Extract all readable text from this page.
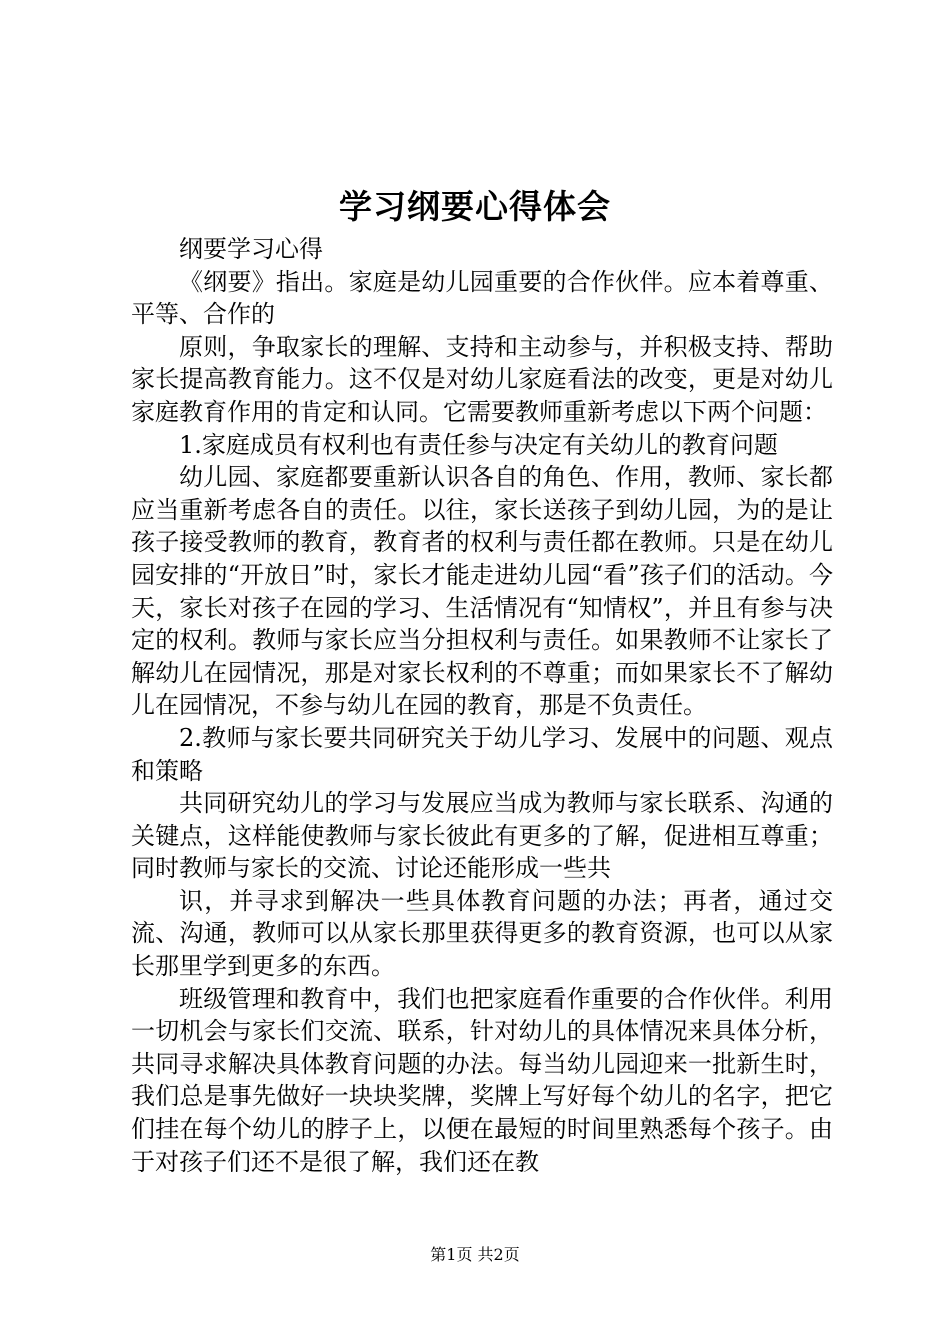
学习纲要心得体会

纲要学习心得

《纲要》指出。家庭是幼儿园重要的合作伙伴。应本着尊重、平等、合作的

原则，争取家长的理解、支持和主动参与，并积极支持、帮助家长提高教育能力。这不仅是对幼儿家庭看法的改变，更是对幼儿家庭教育作用的肯定和认同。它需要教师重新考虑以下两个问题：

1.家庭成员有权利也有责任参与决定有关幼儿的教育问题

幼儿园、家庭都要重新认识各自的角色、作用，教师、家长都应当重新考虑各自的责任。以往，家长送孩子到幼儿园，为的是让孩子接受教师的教育，教育者的权利与责任都在教师。只是在幼儿园安排的“开放日”时，家长才能走进幼儿园“看”孩子们的活动。今天，家长对孩子在园的学习、生活情况有“知情权”，并且有参与决定的权利。教师与家长应当分担权利与责任。如果教师不让家长了解幼儿在园情况，那是对家长权利的不尊重；而如果家长不了解幼儿在园情况，不参与幼儿在园的教育，那是不负责任。

2.教师与家长要共同研究关于幼儿学习、发展中的问题、观点和策略

共同研究幼儿的学习与发展应当成为教师与家长联系、沟通的关键点，这样能使教师与家长彼此有更多的了解，促进相互尊重；同时教师与家长的交流、讨论还能形成一些共

识，并寻求到解决一些具体教育问题的办法；再者，通过交流、沟通，教师可以从家长那里获得更多的教育资源，也可以从家长那里学到更多的东西。

班级管理和教育中，我们也把家庭看作重要的合作伙伴。利用一切机会与家长们交流、联系，针对幼儿的具体情况来具体分析，共同寻求解决具体教育问题的办法。每当幼儿园迎来一批新生时，我们总是事先做好一块块奖牌，奖牌上写好每个幼儿的名字，把它们挂在每个幼儿的脖子上，以便在最短的时间里熟悉每个孩子。由于对孩子们还不是很了解，我们还在教

第1页 共2页
